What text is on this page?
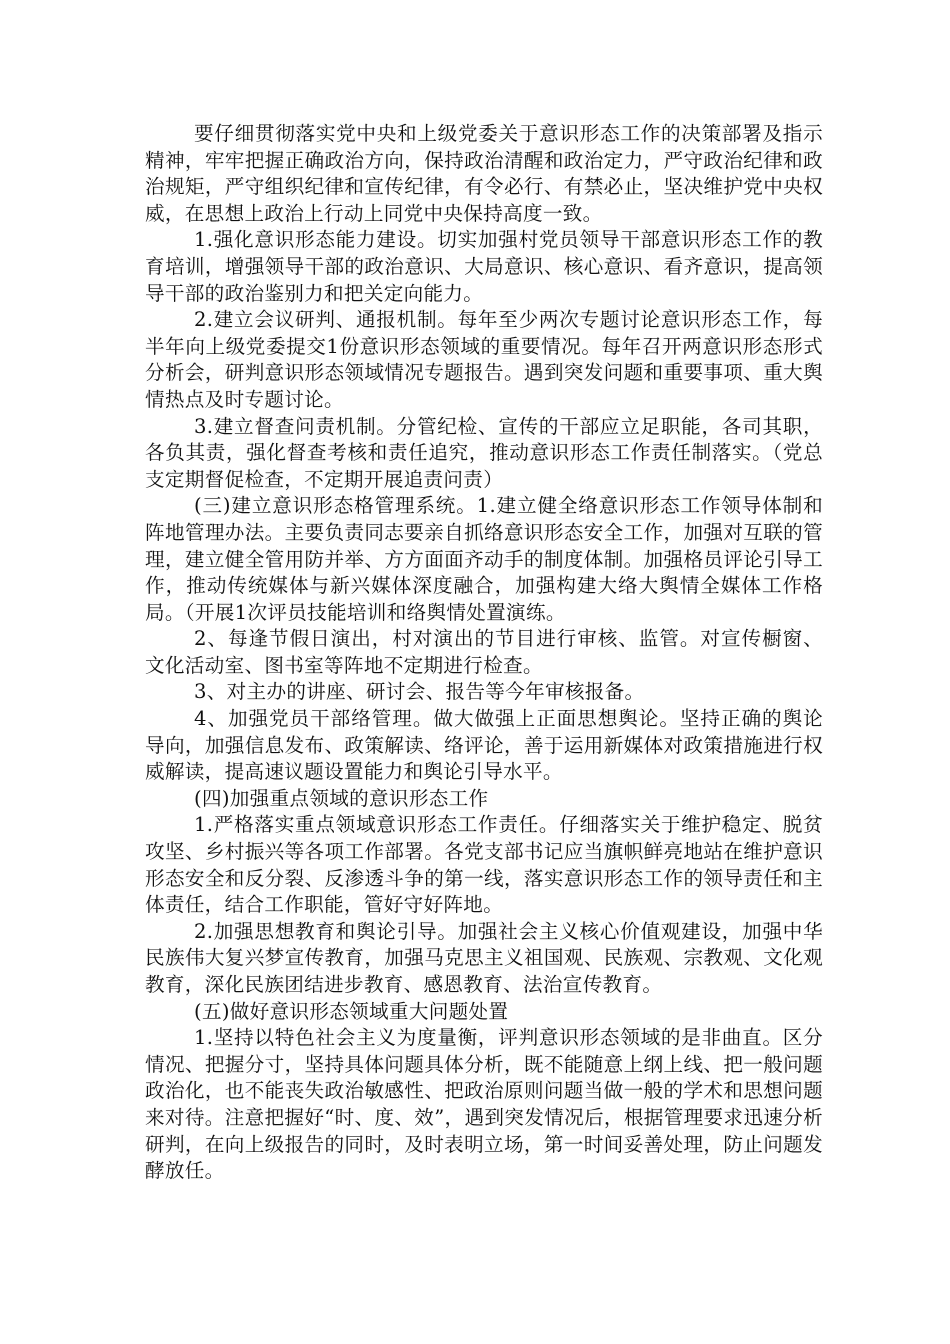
要仔细贯彻落实党中央和上级党委关于意识形态工作的决策部署及指示精神，牢牢把握正确政治方向，保持政治清醒和政治定力，严守政治纪律和政治规矩，严守组织纪律和宣传纪律，有令必行、有禁必止，坚决维护党中央权威，在思想上政治上行动上同党中央保持高度一致。

1.强化意识形态能力建设。切实加强村党员领导干部意识形态工作的教育培训，增强领导干部的政治意识、大局意识、核心意识、看齐意识，提高领导干部的政治鉴别力和把关定向能力。

2.建立会议研判、通报机制。每年至少两次专题讨论意识形态工作，每半年向上级党委提交1份意识形态领域的重要情况。每年召开两意识形态形式分析会，研判意识形态领域情况专题报告。遇到突发问题和重要事项、重大舆情热点及时专题讨论。

3.建立督查问责机制。分管纪检、宣传的干部应立足职能，各司其职，各负其责，强化督查考核和责任追究，推动意识形态工作责任制落实。（党总支定期督促检查，不定期开展追责问责）

(三)建立意识形态格管理系统。1.建立健全络意识形态工作领导体制和阵地管理办法。主要负责同志要亲自抓络意识形态安全工作，加强对互联的管理，建立健全管用防并举、方方面面齐动手的制度体制。加强格员评论引导工作，推动传统媒体与新兴媒体深度融合，加强构建大络大舆情全媒体工作格局。（开展1次评员技能培训和络舆情处置演练。

2、每逢节假日演出，村对演出的节目进行审核、监管。对宣传橱窗、文化活动室、图书室等阵地不定期进行检查。

3、对主办的讲座、研讨会、报告等今年审核报备。

4、加强党员干部络管理。做大做强上正面思想舆论。坚持正确的舆论导向，加强信息发布、政策解读、络评论，善于运用新媒体对政策措施进行权威解读，提高速议题设置能力和舆论引导水平。

(四)加强重点领域的意识形态工作

1.严格落实重点领域意识形态工作责任。仔细落实关于维护稳定、脱贫攻坚、乡村振兴等各项工作部署。各党支部书记应当旗帜鲜亮地站在维护意识形态安全和反分裂、反渗透斗争的第一线，落实意识形态工作的领导责任和主体责任，结合工作职能，管好守好阵地。

2.加强思想教育和舆论引导。加强社会主义核心价值观建设，加强中华民族伟大复兴梦宣传教育，加强马克思主义祖国观、民族观、宗教观、文化观教育，深化民族团结进步教育、感恩教育、法治宣传教育。

(五)做好意识形态领域重大问题处置

1.坚持以特色社会主义为度量衡，评判意识形态领域的是非曲直。区分情况、把握分寸，坚持具体问题具体分析，既不能随意上纲上线、把一般问题政治化，也不能丧失政治敏感性、把政治原则问题当做一般的学术和思想问题来对待。注意把握好“时、度、效”，遇到突发情况后，根据管理要求迅速分析研判，在向上级报告的同时，及时表明立场，第一时间妥善处理，防止问题发酵放任。
